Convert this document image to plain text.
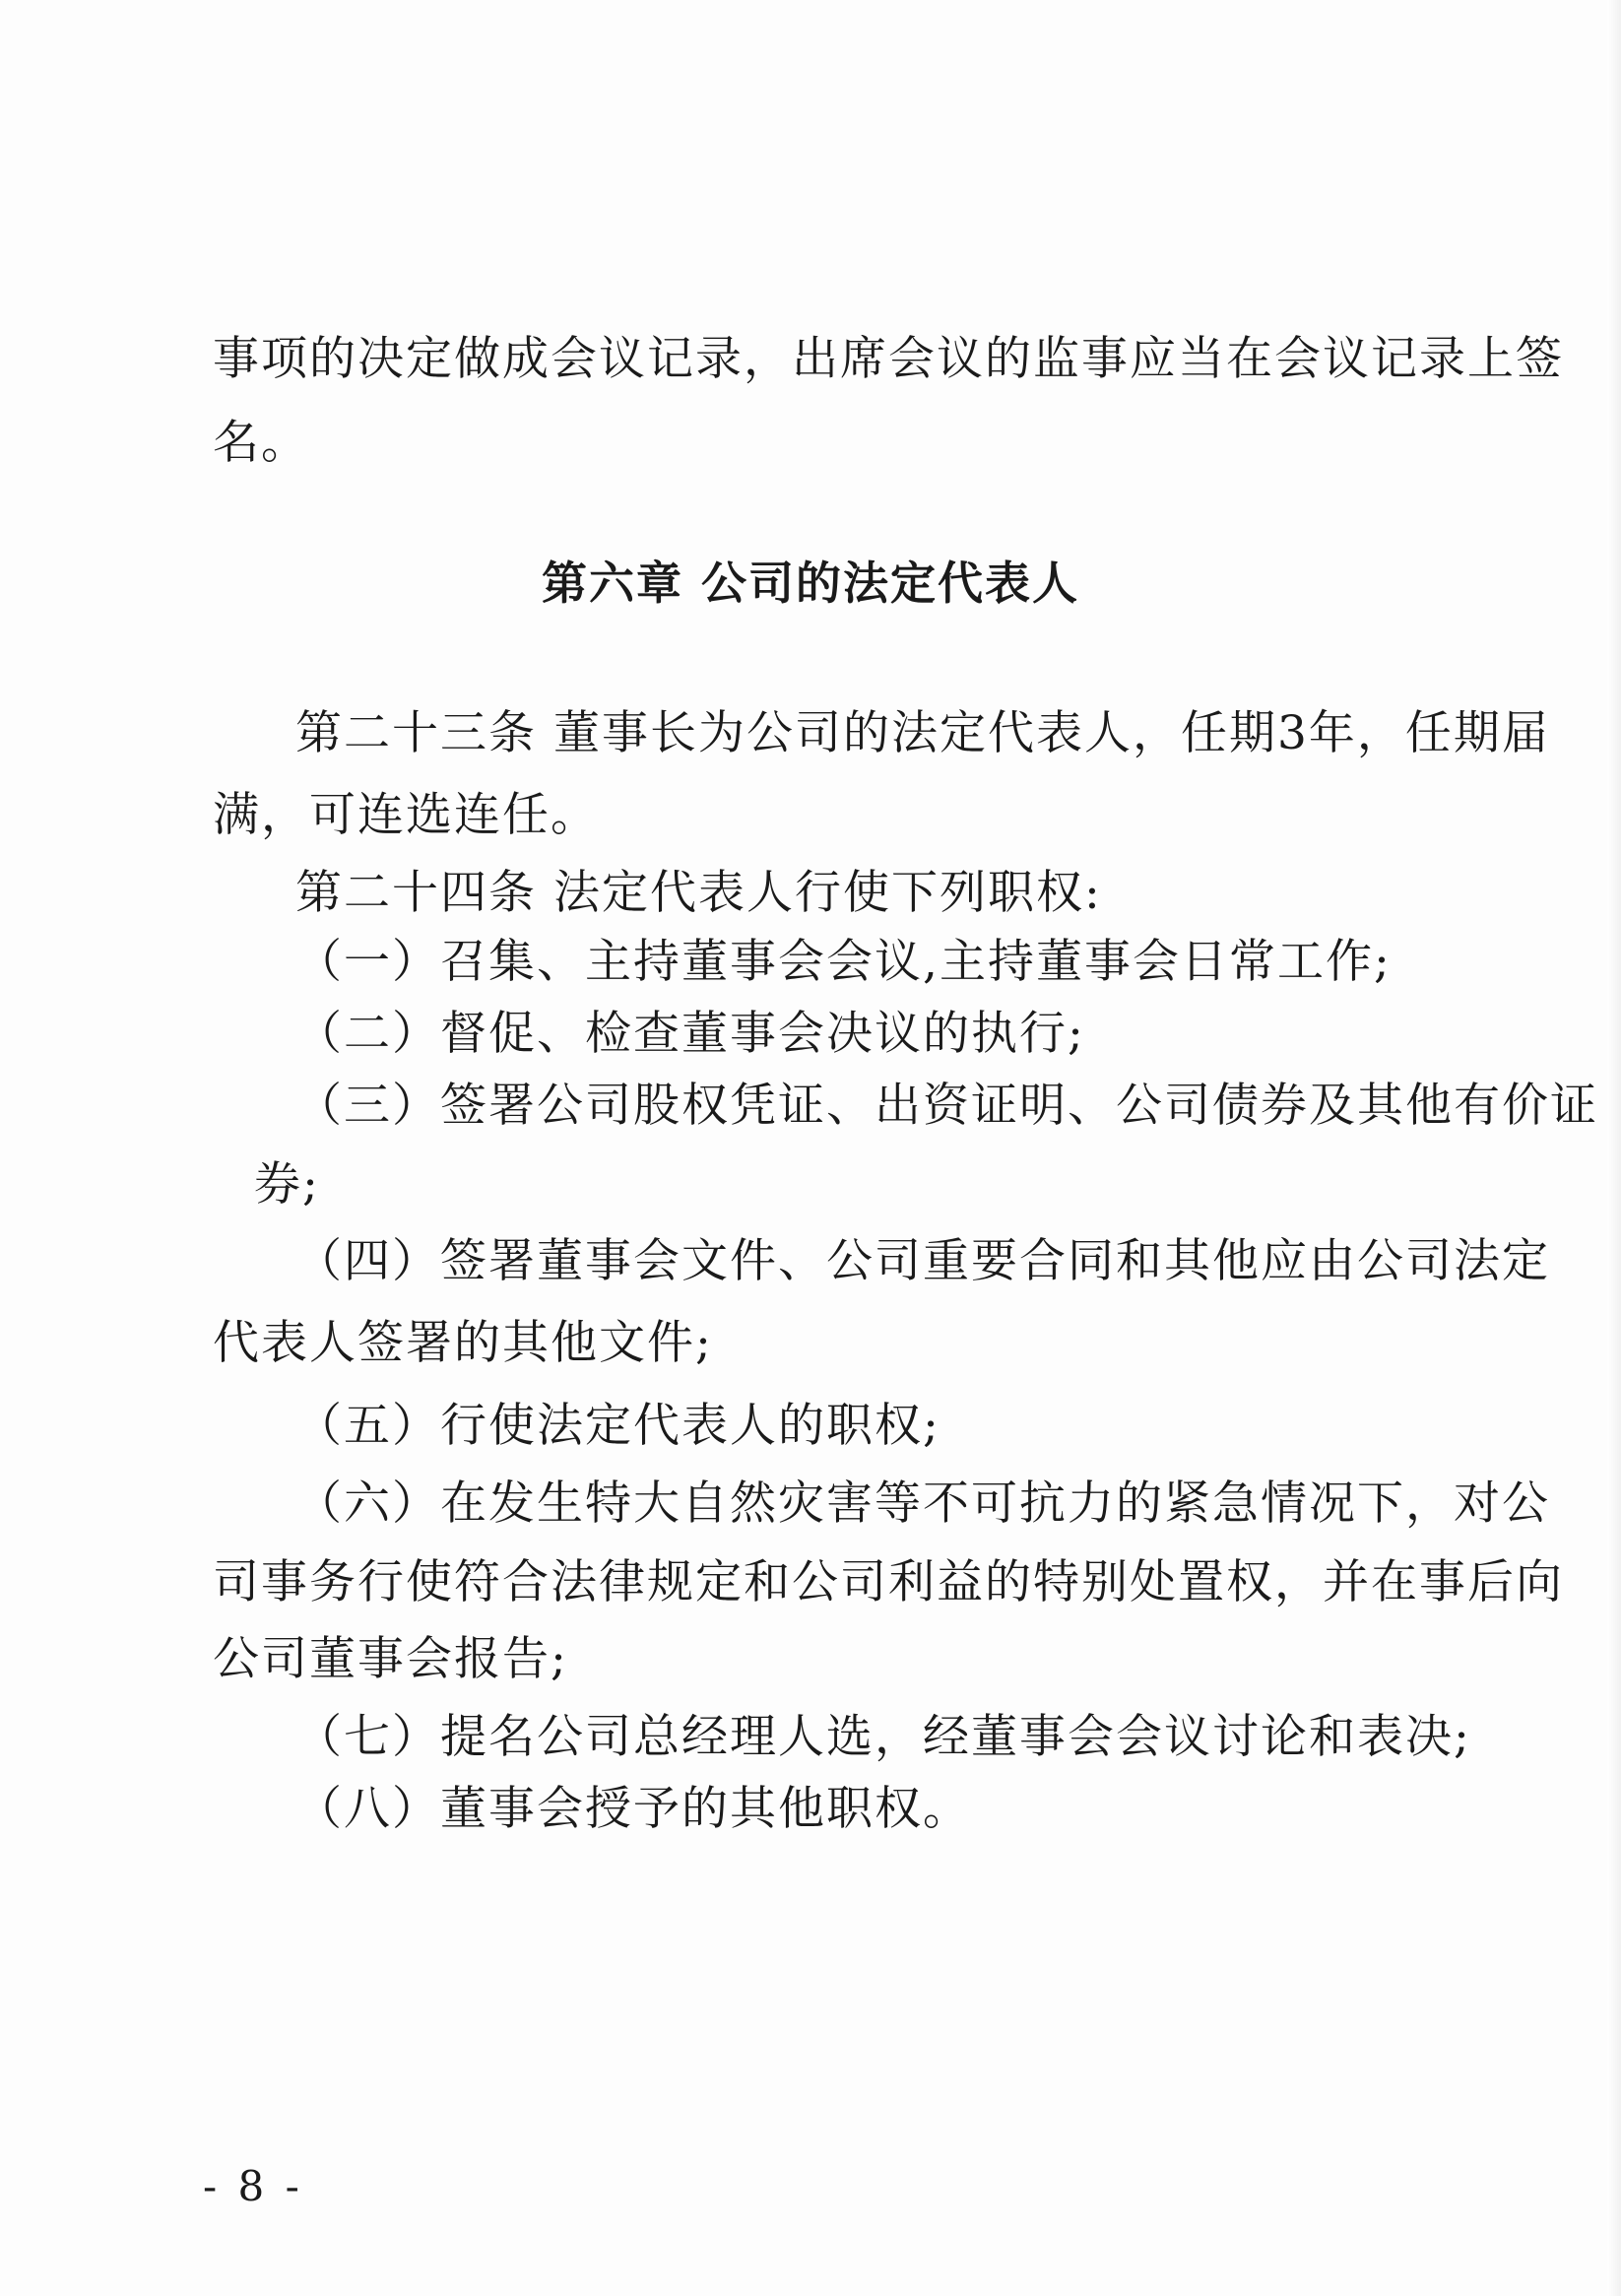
事项的决定做成会议记录，出席会议的监事应当在会议记录上签
名。
第六章 公司的法定代表人
第二十三条 董事长为公司的法定代表人，任期3年，任期届
满，可连选连任。
第二十四条 法定代表人行使下列职权:
（一）召集、主持董事会会议,主持董事会日常工作;
（二）督促、检查董事会决议的执行;
（三）签署公司股权凭证、出资证明、公司债券及其他有价证
券;
（四）签署董事会文件、公司重要合同和其他应由公司法定
代表人签署的其他文件;
（五）行使法定代表人的职权;
（六）在发生特大自然灾害等不可抗力的紧急情况下，对公
司事务行使符合法律规定和公司利益的特别处置权，并在事后向
公司董事会报告;
（七）提名公司总经理人选，经董事会会议讨论和表决;
（八）董事会授予的其他职权。
- 8 -
